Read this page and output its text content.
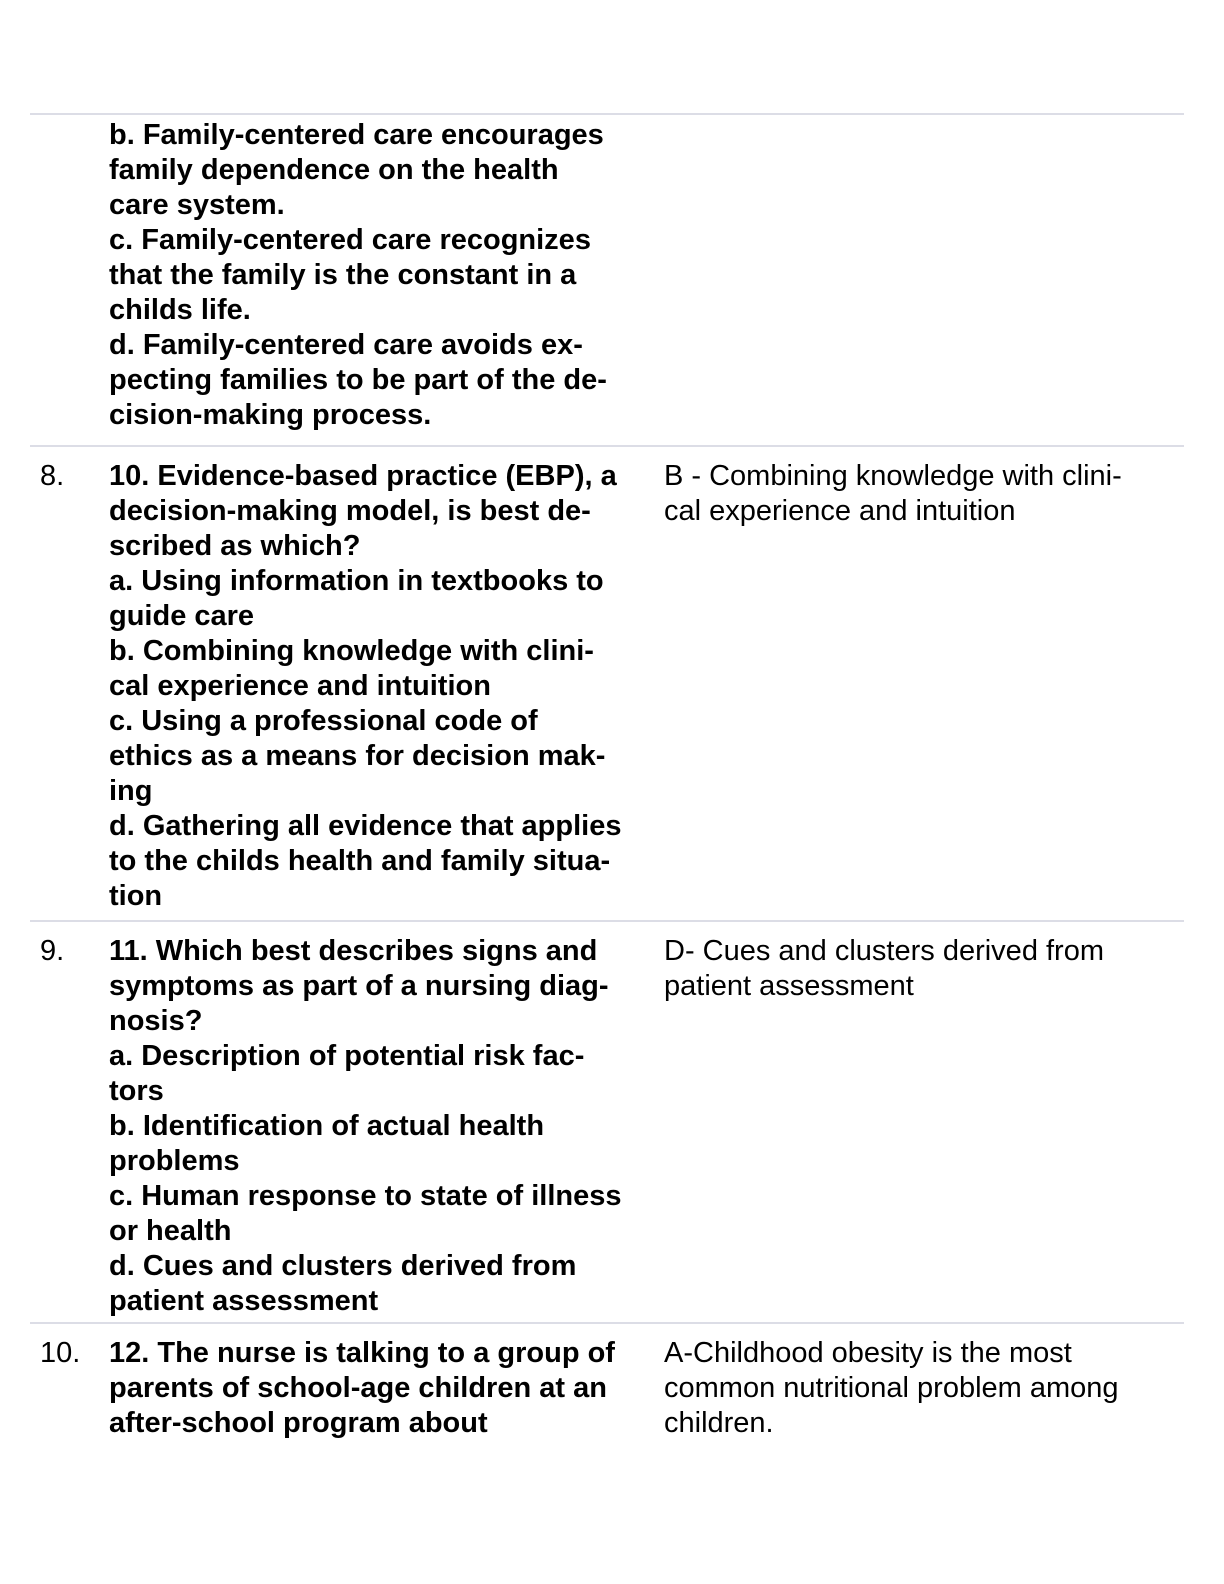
b. Family-centered care encourages
family dependence on the health
care system.
c. Family-centered care recognizes
that the family is the constant in a
childs life.
d. Family-centered care avoids ex-
pecting families to be part of the de-
cision-making process.
8.	10. Evidence-based practice (EBP), a
decision-making model, is best de-
scribed as which?
a. Using information in textbooks to
guide care
b. Combining knowledge with clini-
cal experience and intuition
c. Using a professional code of
ethics as a means for decision mak-
ing
d. Gathering all evidence that applies
to the childs health and family situa-
tion
B - Combining knowledge with clini-
cal experience and intuition
9.	11. Which best describes signs and
symptoms as part of a nursing diag-
nosis?
a. Description of potential risk fac-
tors
b. Identification of actual health
problems
c. Human response to state of illness
or health
d. Cues and clusters derived from
patient assessment
D- Cues and clusters derived from
patient assessment
10. 12. The nurse is talking to a group of
parents of school-age children at an
after-school program about
A-Childhood obesity is the most
common nutritional problem among
children.
